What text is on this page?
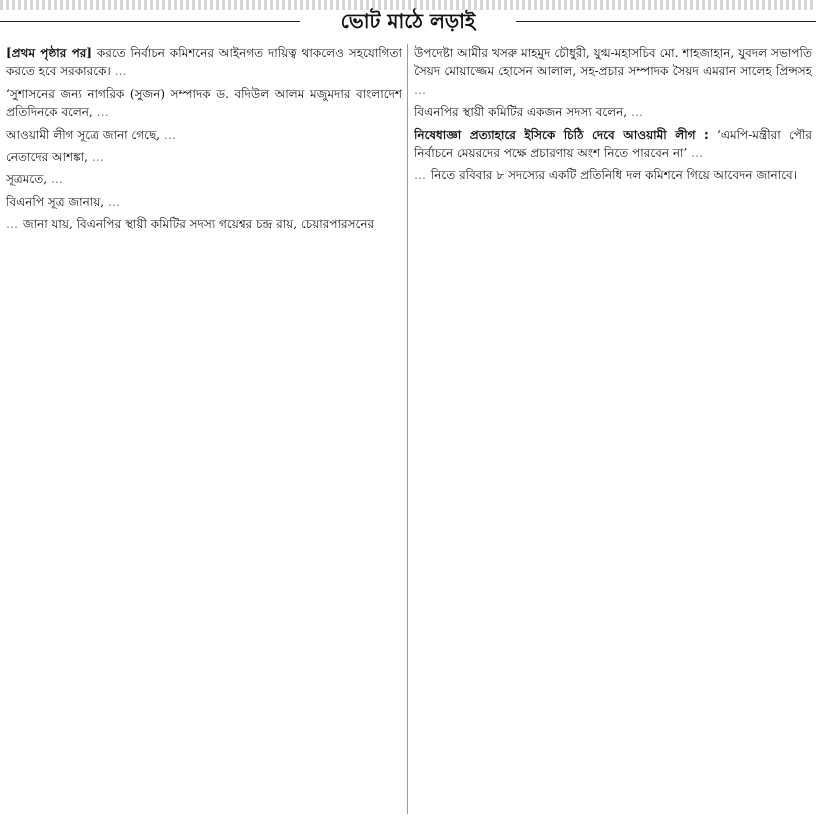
ভোট মাঠে লড়াই

[প্রথম পৃষ্ঠার পর] করতে নির্বাচন কমিশনের আইনগত দায়িত্ব থাকলেও সহযোগিতা করতে হবে সরকারকে। …

‘সুশাসনের জন্য নাগরিক (সুজন) সম্পাদক ড. বদিউল আলম মজুমদার বাংলাদেশ প্রতিদিনকে বলেন, …

আওয়ামী লীগ সূত্রে জানা গেছে, …

নেতাদের আশঙ্কা, …

সূত্রমতে, …

বিএনপি সূত্র জানায়, …

… জানা যায়, বিএনপির স্থায়ী কমিটির সদস্য গয়েশ্বর চন্দ্র রায়, চেয়ারপারসনের

উপদেষ্টা আমীর খসরু মাহমুদ চৌধুরী, যুগ্ম-মহাসচিব মো. শাহজাহান, যুবদল সভাপতি সৈয়দ মোয়াজ্জেম হোসেন আলাল, সহ-প্রচার সম্পাদক সৈয়দ এমরান সালেহ প্রিন্সসহ …

বিএনপির স্থায়ী কমিটির একজন সদস্য বলেন, …

নিষেধাজ্ঞা প্রত্যাহারে ইসিকে চিঠি দেবে আওয়ামী লীগ : ‘এমপি-মন্ত্রীরা পৌর নির্বাচনে মেয়রদের পক্ষে প্রচারণায় অংশ নিতে পারবেন না’ …

… নিতে রবিবার ৮ সদস্যের একটি প্রতিনিধি দল কমিশনে গিয়ে আবেদন জানাবে।
